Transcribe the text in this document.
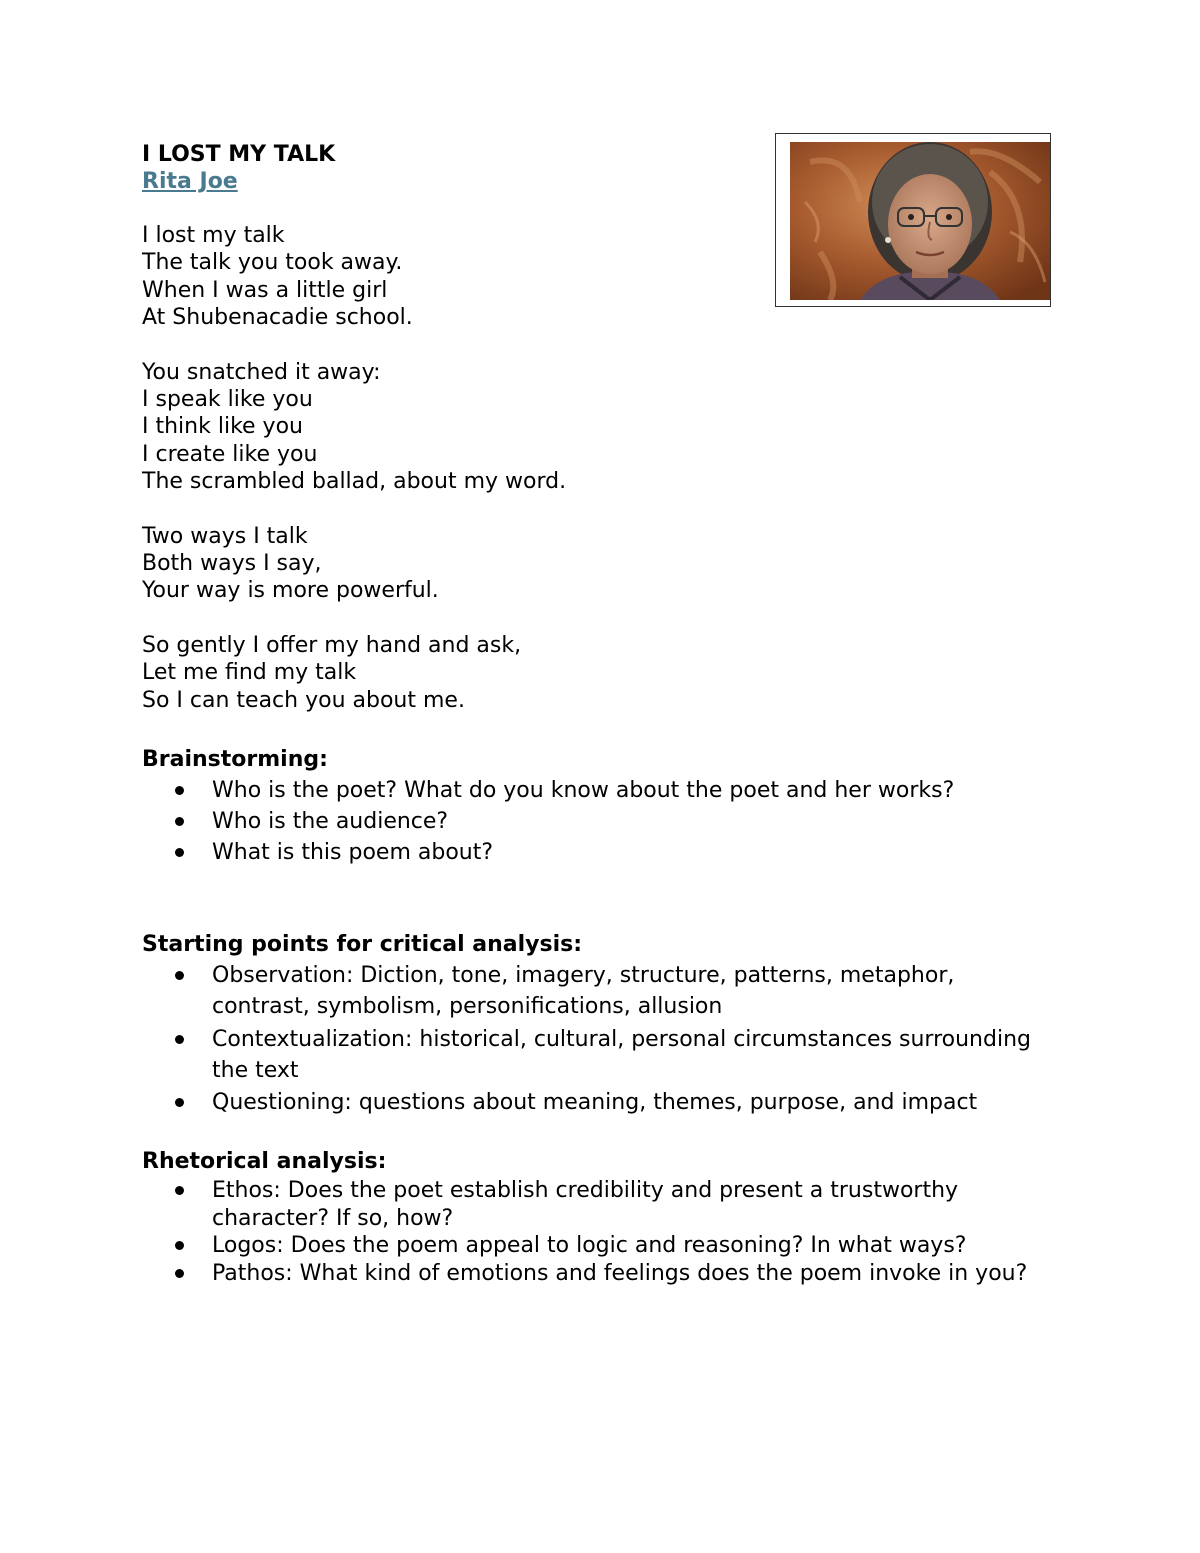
I LOST MY TALK

Rita Joe

I lost my talk

The talk you took away.

When I was a little girl

At Shubenacadie school.

You snatched it away:

I speak like you

I think like you

I create like you

The scrambled ballad, about my word.

Two ways I talk

Both ways I say,

Your way is more powerful.

So gently I offer my hand and ask,

Let me find my talk

So I can teach you about me.

Brainstorming:

Who is the poet? What do you know about the poet and her works?
Who is the audience?
What is this poem about?

Starting points for critical analysis:

Observation: Diction, tone, imagery, structure, patterns, metaphor, contrast, symbolism, personifications, allusion
Contextualization: historical, cultural, personal circumstances surrounding the text
Questioning: questions about meaning, themes, purpose, and impact

Rhetorical analysis:

Ethos: Does the poet establish credibility and present a trustworthy character? If so, how?
Logos: Does the poem appeal to logic and reasoning? In what ways?
Pathos: What kind of emotions and feelings does the poem invoke in you?
